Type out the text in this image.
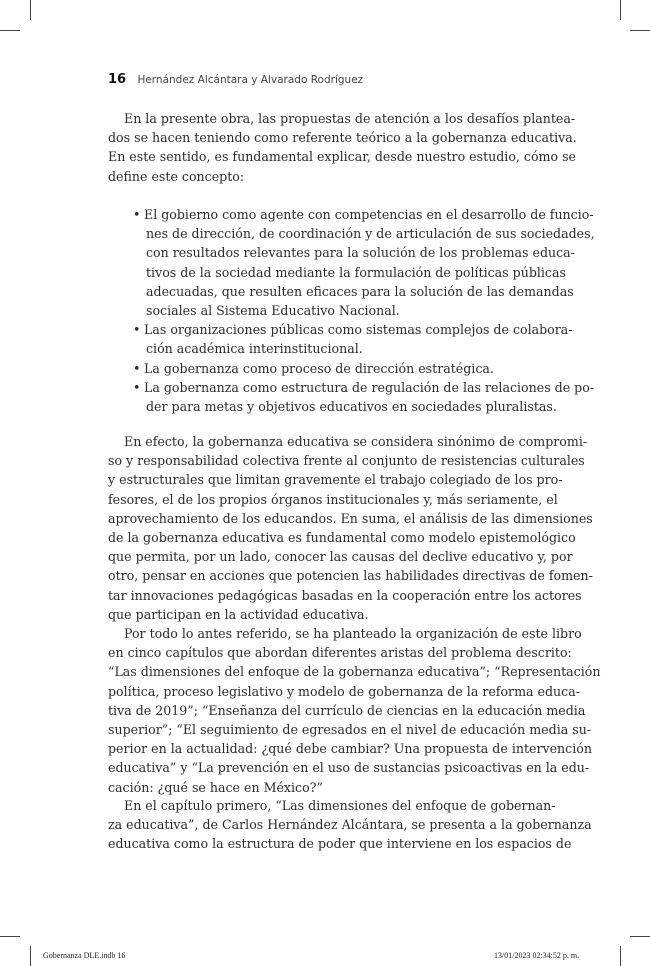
16 Hernández Alcántara y Alvarado Rodríguez
En la presente obra, las propuestas de atención a los desafíos plantea-
dos se hacen teniendo como referente teórico a la gobernanza educativa.
En este sentido, es fundamental explicar, desde nuestro estudio, cómo se
define este concepto:
• El gobierno como agente con competencias en el desarrollo de funcio-
nes de dirección, de coordinación y de articulación de sus sociedades,
con resultados relevantes para la solución de los problemas educa-
tivos de la sociedad mediante la formulación de políticas públicas
adecuadas, que resulten eficaces para la solución de las demandas
sociales al Sistema Educativo Nacional.
• Las organizaciones públicas como sistemas complejos de colabora-
ción académica interinstitucional.
• La gobernanza como proceso de dirección estratégica.
• La gobernanza como estructura de regulación de las relaciones de po-
der para metas y objetivos educativos en sociedades pluralistas.
En efecto, la gobernanza educativa se considera sinónimo de compromi-
so y responsabilidad colectiva frente al conjunto de resistencias culturales
y estructurales que limitan gravemente el trabajo colegiado de los pro-
fesores, el de los propios órganos institucionales y, más seriamente, el
aprovechamiento de los educandos. En suma, el análisis de las dimensiones
de la gobernanza educativa es fundamental como modelo epistemológico
que permita, por un lado, conocer las causas del declive educativo y, por
otro, pensar en acciones que potencien las habilidades directivas de fomen-
tar innovaciones pedagógicas basadas en la cooperación entre los actores
que participan en la actividad educativa.
Por todo lo antes referido, se ha planteado la organización de este libro
en cinco capítulos que abordan diferentes aristas del problema descrito:
“Las dimensiones del enfoque de la gobernanza educativa”; “Representación
política, proceso legislativo y modelo de gobernanza de la reforma educa-
tiva de 2019”; “Enseñanza del currículo de ciencias en la educación media
superior”; “El seguimiento de egresados en el nivel de educación media su-
perior en la actualidad: ¿qué debe cambiar? Una propuesta de intervención
educativa” y “La prevención en el uso de sustancias psicoactivas en la edu-
cación: ¿qué se hace en México?”
En el capítulo primero, “Las dimensiones del enfoque de gobernan-
za educativa”, de Carlos Hernández Alcántara, se presenta a la gobernanza
educativa como la estructura de poder que interviene en los espacios de
Gobernanza DLE.indb 16	13/01/2023 02:34:52 p. m.
